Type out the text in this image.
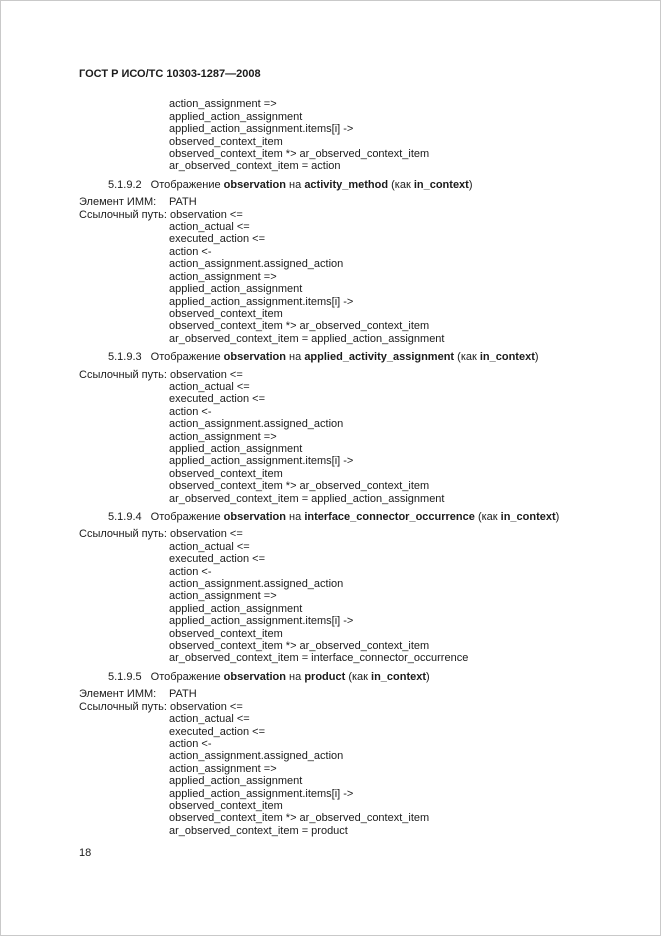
ГОСТ Р ИСО/ТС 10303-1287—2008
action_assignment =>
applied_action_assignment
applied_action_assignment.items[i] ->
observed_context_item
observed_context_item *> ar_observed_context_item
ar_observed_context_item = action
5.1.9.2 Отображение observation на activity_method (как in_context)
Элемент ИММ: PATH
Ссылочный путь: observation <=
action_actual <=
executed_action <=
action <-
action_assignment.assigned_action
action_assignment =>
applied_action_assignment
applied_action_assignment.items[i] ->
observed_context_item
observed_context_item *> ar_observed_context_item
ar_observed_context_item = applied_action_assignment
5.1.9.3 Отображение observation на applied_activity_assignment (как in_context)
Ссылочный путь: observation <=
action_actual <=
executed_action <=
action <-
action_assignment.assigned_action
action_assignment =>
applied_action_assignment
applied_action_assignment.items[i] ->
observed_context_item
observed_context_item *> ar_observed_context_item
ar_observed_context_item = applied_action_assignment
5.1.9.4 Отображение observation на interface_connector_occurrence (как in_context)
Ссылочный путь: observation <=
action_actual <=
executed_action <=
action <-
action_assignment.assigned_action
action_assignment =>
applied_action_assignment
applied_action_assignment.items[i] ->
observed_context_item
observed_context_item *> ar_observed_context_item
ar_observed_context_item = interface_connector_occurrence
5.1.9.5 Отображение observation на product (как in_context)
Элемент ИММ: PATH
Ссылочный путь: observation <=
action_actual <=
executed_action <=
action <-
action_assignment.assigned_action
action_assignment =>
applied_action_assignment
applied_action_assignment.items[i] ->
observed_context_item
observed_context_item *> ar_observed_context_item
ar_observed_context_item = product
18
